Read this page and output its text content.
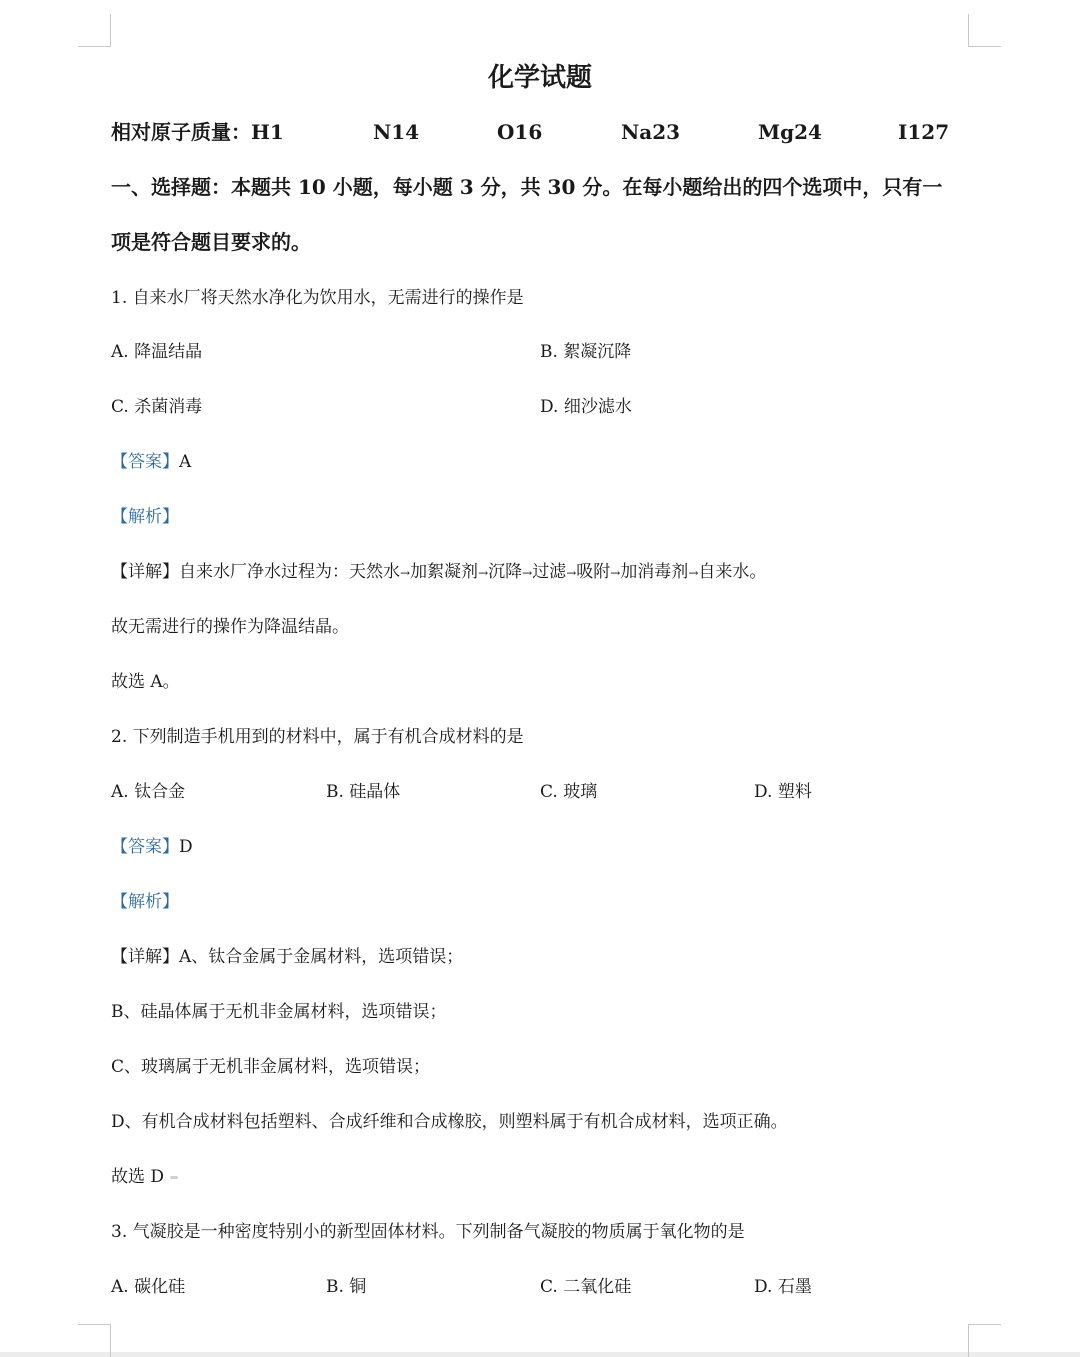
化学试题
相对原子质量：H1	N14	O16	Na23	Mg24	I127
一、选择题：本题共 10 小题，每小题 3 分，共 30 分。在每小题给出的四个选项中，只有一
项是符合题目要求的。
1. 自来水厂将天然水净化为饮用水，无需进行的操作是
A. 降温结晶	B. 絮凝沉降
C. 杀菌消毒	D. 细沙滤水
【答案】A
【解析】
【详解】自来水厂净水过程为：天然水→加絮凝剂→沉降→过滤→吸附→加消毒剂→自来水。
故无需进行的操作为降温结晶。
故选 A。
2. 下列制造手机用到的材料中，属于有机合成材料的是
A. 钛合金	B. 硅晶体	C. 玻璃	D. 塑料
【答案】D
【解析】
【详解】A、钛合金属于金属材料，选项错误；
B、硅晶体属于无机非金属材料，选项错误；
C、玻璃属于无机非金属材料，选项错误；
D、有机合成材料包括塑料、合成纤维和合成橡胶，则塑料属于有机合成材料，选项正确。
故选 D
3. 气凝胶是一种密度特别小的新型固体材料。下列制备气凝胶的物质属于氧化物的是
A. 碳化硅	B. 铜	C. 二氧化硅	D. 石墨
